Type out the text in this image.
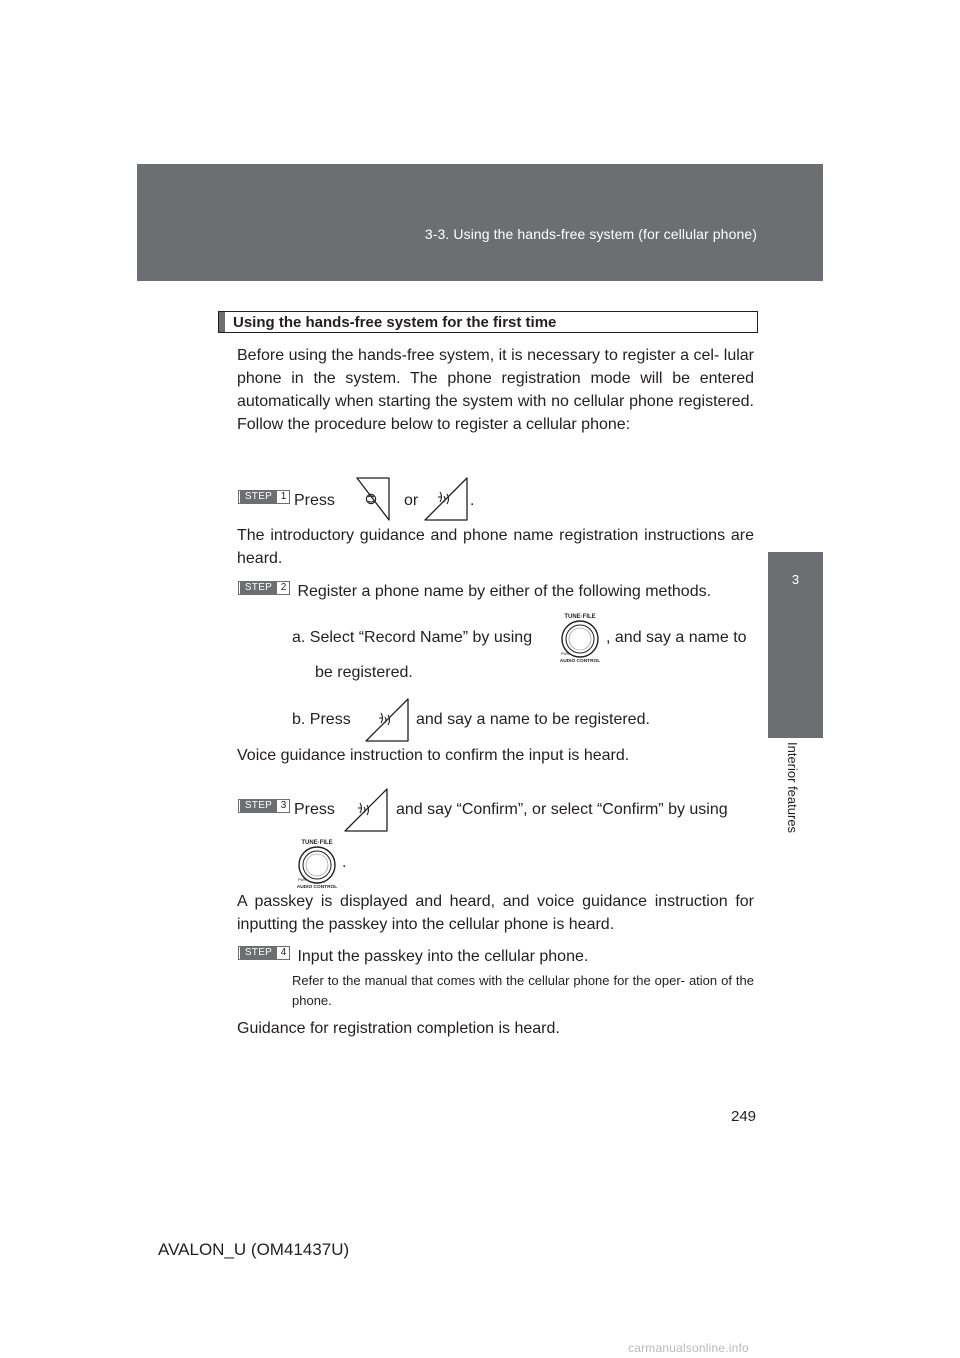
3-3. Using the hands-free system (for cellular phone)
3
Interior features
Using the hands-free system for the first time

Before using the hands-free system, it is necessary to register a cel- lular phone in the system. The phone registration mode will be entered automatically when starting the system with no cellular phone registered. Follow the procedure below to register a cellular phone:

STEP 1 Press	or	.

The introductory guidance and phone name registration instructions are heard.

STEP 2 Register a phone name by either of the following methods.
a. Select “Record Name” by using
TUNE·FILE
PWR
AUDIO CONTROL
, and say a name to
be registered.
b. Press	and say a name to be registered.

Voice guidance instruction to confirm the input is heard.

STEP 3 Press	and say “Confirm”, or select “Confirm” by using
TUNE·FILE
PWR
AUDIO CONTROL
.

A passkey is displayed and heard, and voice guidance instruction for inputting the passkey into the cellular phone is heard.

STEP 4 Input the passkey into the cellular phone.

Refer to the manual that comes with the cellular phone for the oper- ation of the phone.

Guidance for registration completion is heard.

249
AVALON_U (OM41437U)
carmanualsonline.info
